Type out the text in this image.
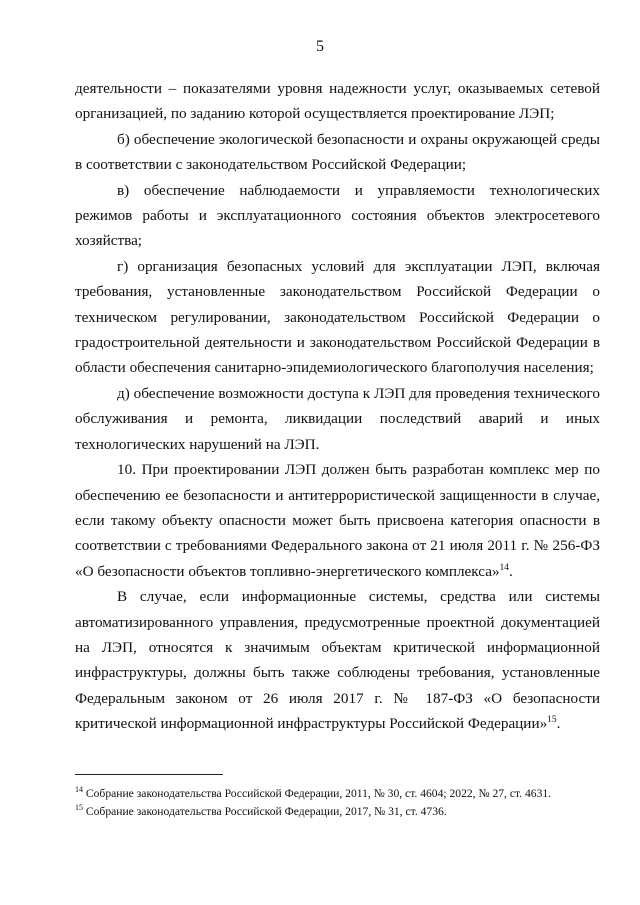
5

деятельности – показателями уровня надежности услуг, оказываемых сетевой организацией, по заданию которой осуществляется проектирование ЛЭП;

б) обеспечение экологической безопасности и охраны окружающей среды в соответствии с законодательством Российской Федерации;

в) обеспечение наблюдаемости и управляемости технологических режимов работы и эксплуатационного состояния объектов электросетевого хозяйства;

г) организация безопасных условий для эксплуатации ЛЭП, включая требования, установленные законодательством Российской Федерации о техническом регулировании, законодательством Российской Федерации о градостроительной деятельности и законодательством Российской Федерации в области обеспечения санитарно-эпидемиологического благополучия населения;

д) обеспечение возможности доступа к ЛЭП для проведения технического обслуживания и ремонта, ликвидации последствий аварий и иных технологических нарушений на ЛЭП.

10. При проектировании ЛЭП должен быть разработан комплекс мер по обеспечению ее безопасности и антитеррористической защищенности в случае, если такому объекту опасности может быть присвоена категория опасности в соответствии с требованиями Федерального закона от 21 июля 2011 г. № 256-ФЗ «О безопасности объектов топливно-энергетического комплекса»$^{14}$.

В случае, если информационные системы, средства или системы автоматизированного управления, предусмотренные проектной документацией на ЛЭП, относятся к значимым объектам критической информационной инфраструктуры, должны быть также соблюдены требования, установленные Федеральным законом от 26 июля 2017 г. № 187-ФЗ «О безопасности критической информационной инфраструктуры Российской Федерации»$^{15}$.

$^{14}$ Собрание законодательства Российской Федерации, 2011, № 30, ст. 4604; 2022, № 27, ст. 4631.

$^{15}$ Собрание законодательства Российской Федерации, 2017, № 31, ст. 4736.
